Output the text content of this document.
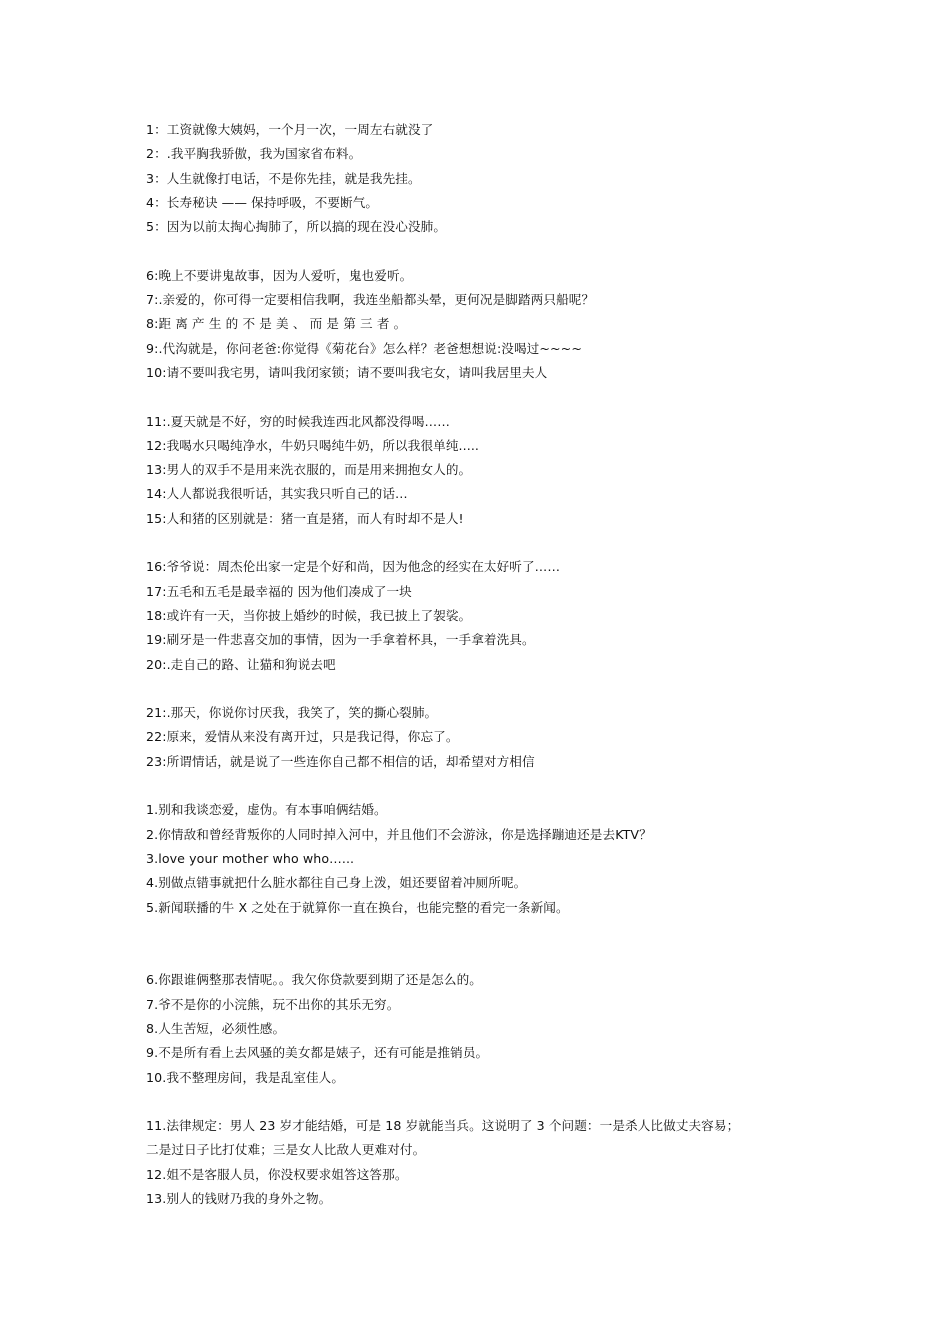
1：工资就像大姨妈，一个月一次，一周左右就没了
2：.我平胸我骄傲，我为国家省布料。
3：人生就像打电话，不是你先挂，就是我先挂。
4：长寿秘诀 —— 保持呼吸，不要断气。
5：因为以前太掏心掏肺了，所以搞的现在没心没肺。
6:晚上不要讲鬼故事，因为人爱听，鬼也爱听。
7:.亲爱的，你可得一定要相信我啊，我连坐船都头晕，更何况是脚踏两只船呢？
8:距 离 产 生 的 不 是 美 、 而 是 第 三 者 。
9:.代沟就是，你问老爸:你觉得《菊花台》怎么样？老爸想想说:没喝过~~~~
10:请不要叫我宅男，请叫我闭家锁；请不要叫我宅女，请叫我居里夫人
11:.夏天就是不好，穷的时候我连西北风都没得喝……
12:我喝水只喝纯净水，牛奶只喝纯牛奶，所以我很单纯.....
13:男人的双手不是用来洗衣服的，而是用来拥抱女人的。
14:人人都说我很听话，其实我只听自己的话…
15:人和猪的区别就是：猪一直是猪，而人有时却不是人!
16:爷爷说：周杰伦出家一定是个好和尚，因为他念的经实在太好听了……
17:五毛和五毛是最幸福的 因为他们凑成了一块
18:或许有一天，当你披上婚纱的时候，我已披上了袈裟。
19:刷牙是一件悲喜交加的事情，因为一手拿着杯具，一手拿着洗具。
20:.走自己的路、让猫和狗说去吧
21:.那天，你说你讨厌我，我笑了，笑的撕心裂肺。
22:原来，爱情从来没有离开过，只是我记得，你忘了。
23:所谓情话，就是说了一些连你自己都不相信的话，却希望对方相信
1.别和我谈恋爱，虚伪。有本事咱俩结婚。
2.你情敌和曾经背叛你的人同时掉入河中，并且他们不会游泳，你是选择蹦迪还是去KTV？
3.love your mother who who…...
4.别做点错事就把什么脏水都往自己身上泼，姐还要留着冲厕所呢。
5.新闻联播的牛 X 之处在于就算你一直在换台，也能完整的看完一条新闻。
6.你跟谁俩整那表情呢。。我欠你贷款要到期了还是怎么的。
7.爷不是你的小浣熊，玩不出你的其乐无穷。
8.人生苦短，必须性感。
9.不是所有看上去风骚的美女都是婊子，还有可能是推销员。
10.我不整理房间，我是乱室佳人。
11.法律规定：男人 23 岁才能结婚，可是 18 岁就能当兵。这说明了 3 个问题：一是杀人比做丈夫容易；
二是过日子比打仗难；三是女人比敌人更难对付。
12.姐不是客服人员，你没权要求姐答这答那。
13.别人的钱财乃我的身外之物。
